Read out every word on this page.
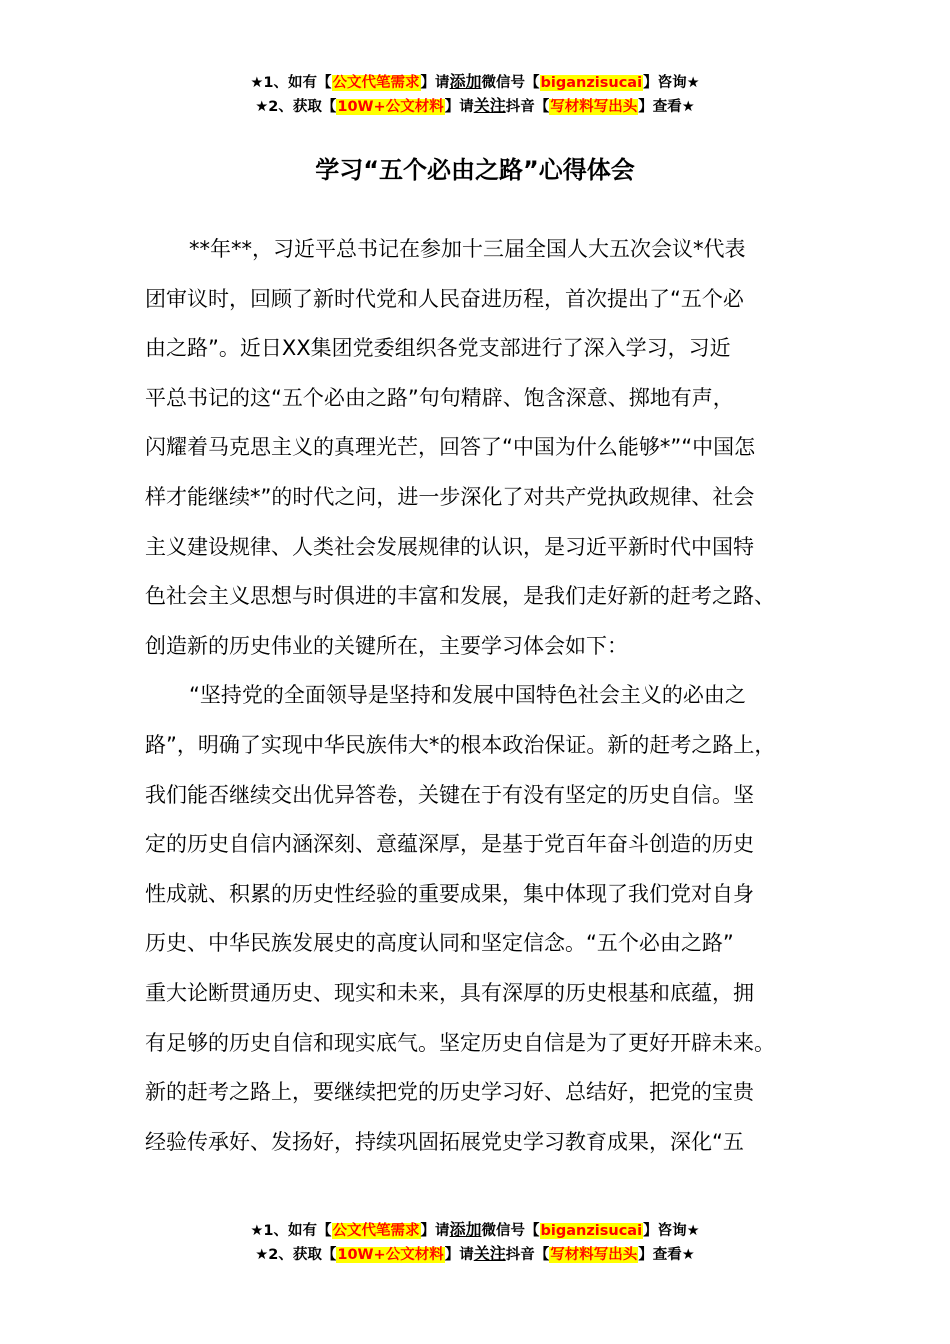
★1、如有【公文代笔需求】请添加微信号【biganzisucai】咨询★
★2、获取【10W+公文材料】请关注抖音【写材料写出头】查看★
学习“五个必由之路”心得体会
**年**，习近平总书记在参加十三届全国人大五次会议*代表
团审议时，回顾了新时代党和人民奋进历程，首次提出了“五个必
由之路”。近日XX集团党委组织各党支部进行了深入学习，习近
平总书记的这“五个必由之路”句句精辟、饱含深意、掷地有声，
闪耀着马克思主义的真理光芒，回答了“中国为什么能够*”“中国怎
样才能继续*”的时代之问，进一步深化了对共产党执政规律、社会
主义建设规律、人类社会发展规律的认识，是习近平新时代中国特
色社会主义思想与时俱进的丰富和发展，是我们走好新的赶考之路、
创造新的历史伟业的关键所在，主要学习体会如下：
“坚持党的全面领导是坚持和发展中国特色社会主义的必由之
路”，明确了实现中华民族伟大*的根本政治保证。新的赶考之路上，
我们能否继续交出优异答卷，关键在于有没有坚定的历史自信。坚
定的历史自信内涵深刻、意蕴深厚，是基于党百年奋斗创造的历史
性成就、积累的历史性经验的重要成果，集中体现了我们党对自身
历史、中华民族发展史的高度认同和坚定信念。“五个必由之路”
重大论断贯通历史、现实和未来，具有深厚的历史根基和底蕴，拥
有足够的历史自信和现实底气。坚定历史自信是为了更好开辟未来。
新的赶考之路上，要继续把党的历史学习好、总结好，把党的宝贵
经验传承好、发扬好，持续巩固拓展党史学习教育成果，深化“五
★1、如有【公文代笔需求】请添加微信号【biganzisucai】咨询★
★2、获取【10W+公文材料】请关注抖音【写材料写出头】查看★
